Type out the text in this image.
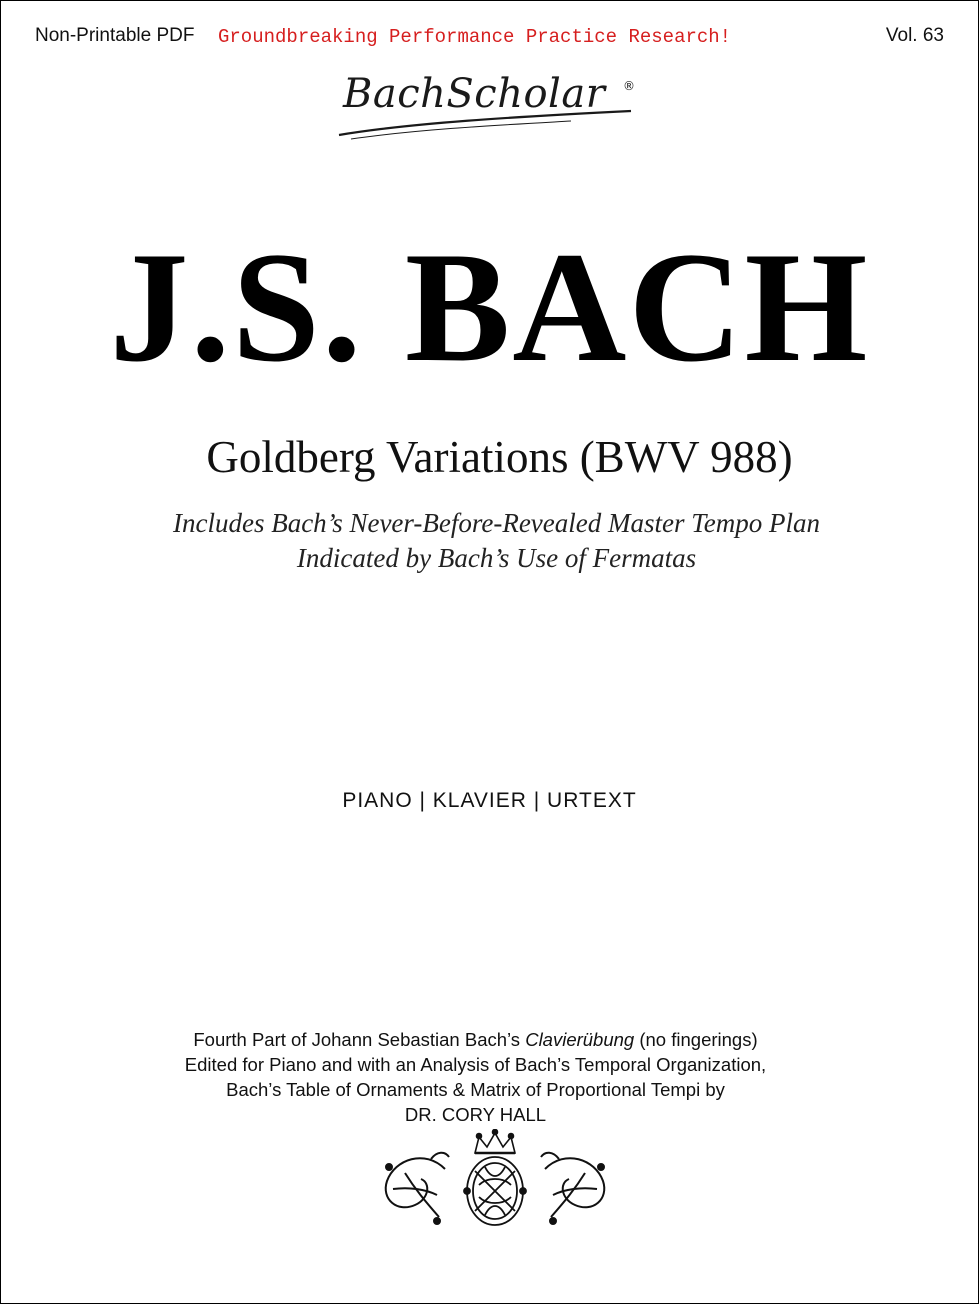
Non-Printable PDF Groundbreaking Performance Practice Research!	Vol. 63
BachScholar ®
J.S. BACH
Goldberg Variations (BWV 988)
Includes Bach’s Never-Before-Revealed Master Tempo Plan
Indicated by Bach’s Use of Fermatas
PIANO | KLAVIER | URTEXT
Fourth Part of Johann Sebastian Bach’s Clavierübung (no fingerings)
Edited for Piano and with an Analysis of Bach’s Temporal Organization,
Bach’s Table of Ornaments & Matrix of Proportional Tempi by
DR. CORY HALL
